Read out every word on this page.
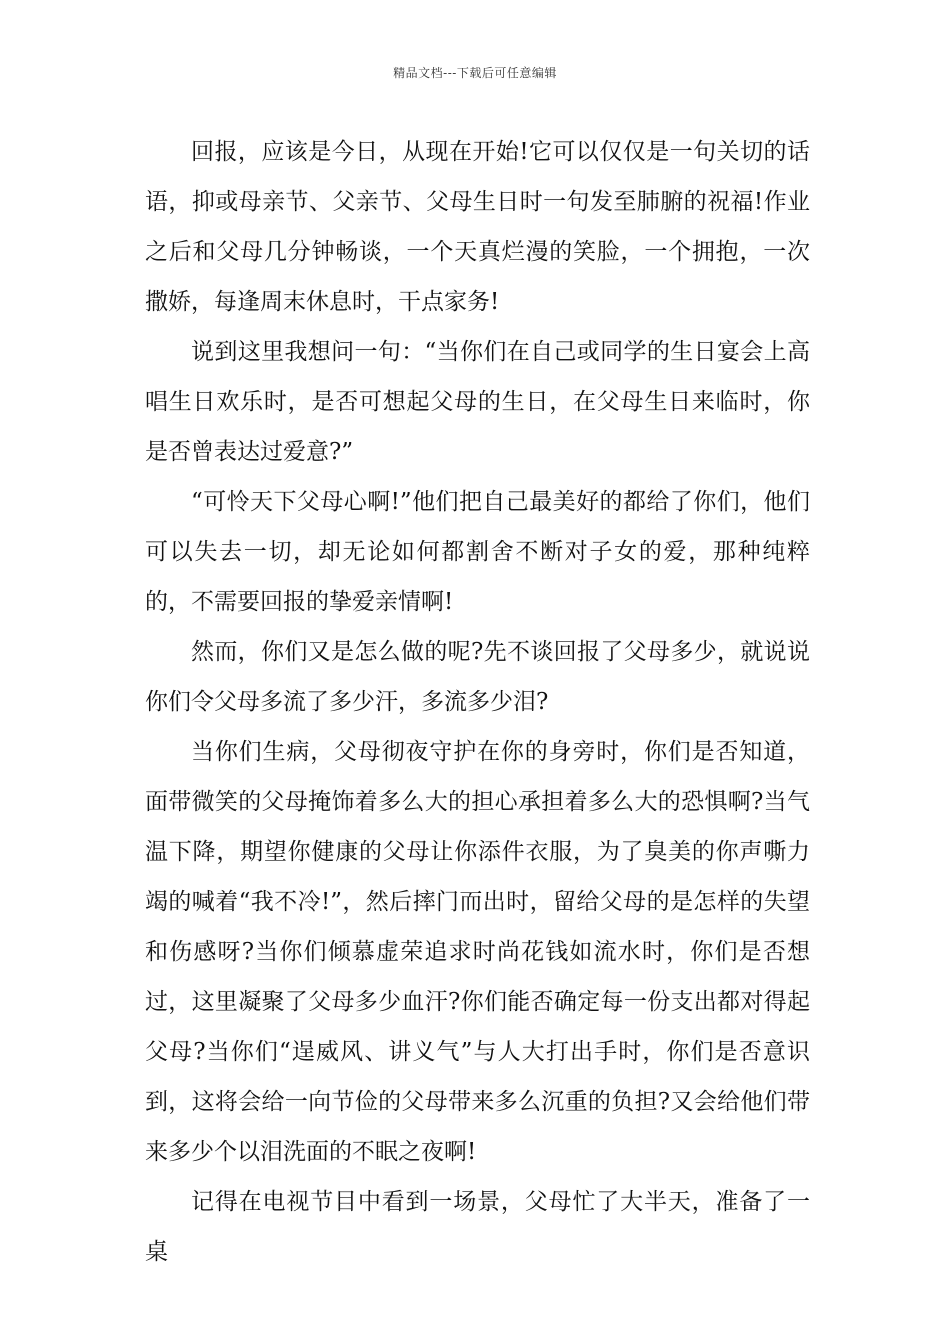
精品文档---下载后可任意编辑

回报，应该是今日，从现在开始!它可以仅仅是一句关切的话语，抑或母亲节、父亲节、父母生日时一句发至肺腑的祝福!作业之后和父母几分钟畅谈，一个天真烂漫的笑脸，一个拥抱，一次撒娇，每逢周末休息时，干点家务!

说到这里我想问一句：“当你们在自己或同学的生日宴会上高唱生日欢乐时，是否可想起父母的生日，在父母生日来临时，你是否曾表达过爱意?”

“可怜天下父母心啊!”他们把自己最美好的都给了你们，他们可以失去一切，却无论如何都割舍不断对子女的爱，那种纯粹的，不需要回报的挚爱亲情啊!

然而，你们又是怎么做的呢?先不谈回报了父母多少，就说说你们令父母多流了多少汗，多流多少泪?

当你们生病，父母彻夜守护在你的身旁时，你们是否知道，面带微笑的父母掩饰着多么大的担心承担着多么大的恐惧啊?当气温下降，期望你健康的父母让你添件衣服，为了臭美的你声嘶力竭的喊着“我不冷!”，然后摔门而出时，留给父母的是怎样的失望和伤感呀?当你们倾慕虚荣追求时尚花钱如流水时，你们是否想过，这里凝聚了父母多少血汗?你们能否确定每一份支出都对得起父母?当你们“逞威风、讲义气”与人大打出手时，你们是否意识到，这将会给一向节俭的父母带来多么沉重的负担?又会给他们带来多少个以泪洗面的不眠之夜啊!

记得在电视节目中看到一场景，父母忙了大半天，准备了一桌
